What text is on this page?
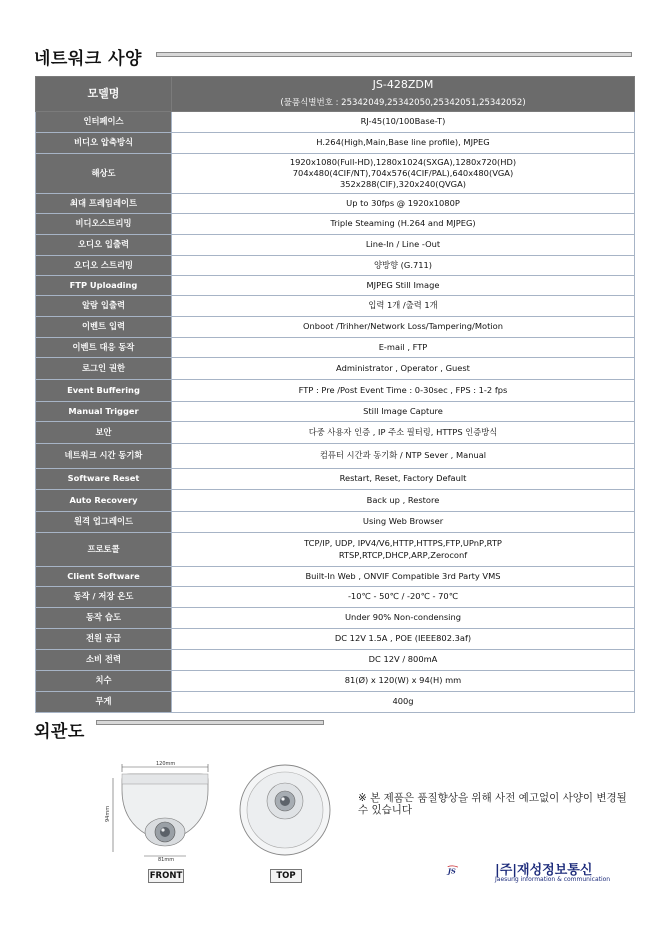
네트워크 사양
모델명	JS-428ZDM
(물품식별번호 : 25342049,25342050,25342051,25342052)

인터페이스	RJ-45(10/100Base-T)
비디오 압축방식	H.264(High,Main,Base line profile), MJPEG
해상도	1920x1080(Full-HD),1280x1024(SXGA),1280x720(HD)
704x480(4CIF/NT),704x576(4CIF/PAL),640x480(VGA)
352x288(CIF),320x240(QVGA)
최대 프레임레이트	Up to 30fps @ 1920x1080P
비디오스트리밍	Triple Steaming (H.264 and MJPEG)
오디오 입출력	Line-In / Line -Out
오디오 스트리밍	양방향 (G.711)
FTP Uploading	MJPEG Still Image
알람 입출력	입력 1개 /출력 1개
이벤트 입력	Onboot /Trihher/Network Loss/Tampering/Motion
이벤트 대응 동작	E-mail , FTP
로그인 권한	Administrator , Operator , Guest
Event Buffering	FTP : Pre /Post Event Time : 0-30sec , FPS : 1-2 fps
Manual Trigger	Still Image Capture
보안	다중 사용자 인증 , IP 주소 필터링, HTTPS 인증방식
네트워크 시간 동기화	컴퓨터 시간과 동기화 / NTP Sever , Manual
Software Reset	Restart, Reset, Factory Default
Auto Recovery	Back up , Restore
원격 업그레이드	Using Web Browser
프로토콜	TCP/IP, UDP, IPV4/V6,HTTP,HTTPS,FTP,UPnP,RTP
RTSP,RTCP,DHCP,ARP,Zeroconf
Client Software	Built-In Web , ONVIF Compatible 3rd Party VMS
동작 / 저장 온도	-10℃ - 50℃ / -20℃ - 70℃
동작 습도	Under 90% Non-condensing
전원 공급	DC 12V 1.5A , POE (IEEE802.3af)
소비 전력	DC 12V / 800mA
치수	81(Ø) x 120(W) x 94(H) mm
무게	400g
외관도
120mm
94mm
81mm
FRONT	TOP
※ 본 제품은 품질향상을 위해 사전 예고없이 사양이 변경될 수 있습니다
JS	|주|재성정보통신
Jaesung information & communication
